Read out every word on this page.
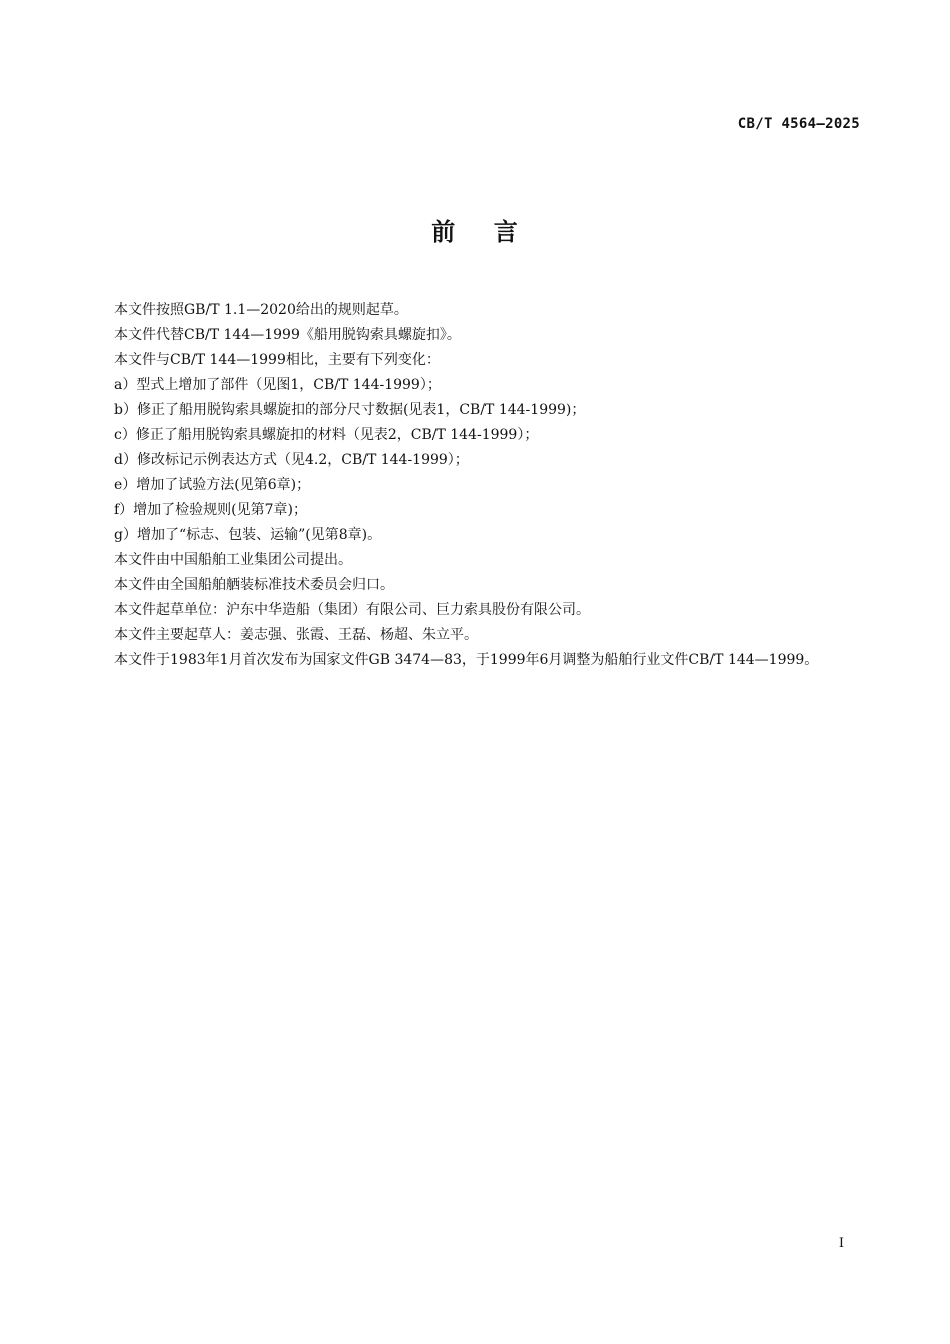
CB/T 4564—2025
前    言

本文件按照GB/T 1.1—2020给出的规则起草。

本文件代替CB/T 144—1999《船用脱钩索具螺旋扣》。

本文件与CB/T 144—1999相比，主要有下列变化：

a）型式上增加了部件（见图1，CB/T 144-1999）；

b）修正了船用脱钩索具螺旋扣的部分尺寸数据(见表1，CB/T 144-1999)；

c）修正了船用脱钩索具螺旋扣的材料（见表2，CB/T 144-1999）；

d）修改标记示例表达方式（见4.2，CB/T 144-1999）；

e）增加了试验方法(见第6章)；

f）增加了检验规则(见第7章)；

g）增加了“标志、包装、运输”(见第8章)。

本文件由中国船舶工业集团公司提出。

本文件由全国船舶舾装标准技术委员会归口。

本文件起草单位：沪东中华造船（集团）有限公司、巨力索具股份有限公司。

本文件主要起草人：姜志强、张霞、王磊、杨超、朱立平。

本文件于1983年1月首次发布为国家文件GB 3474—83，于1999年6月调整为船舶行业文件CB/T 144—1999。

I
